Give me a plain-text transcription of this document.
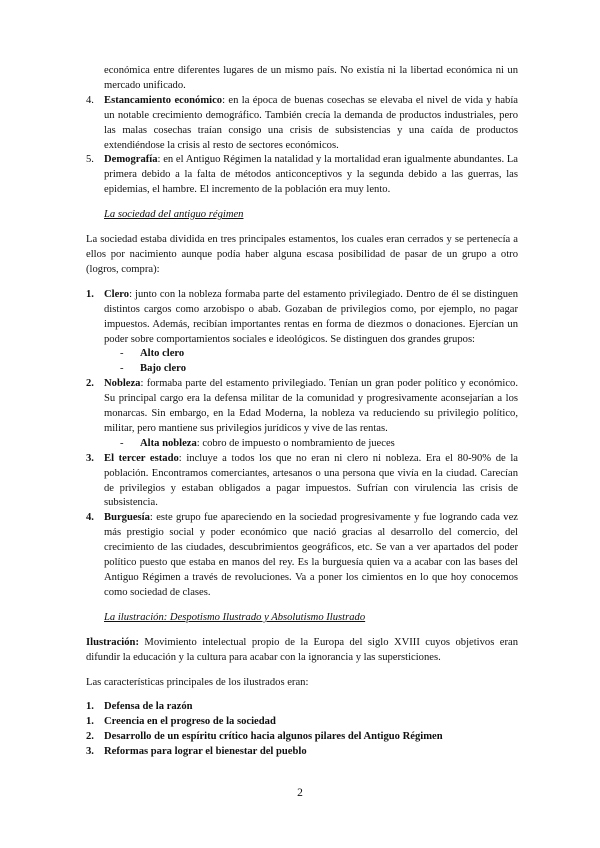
económica entre diferentes lugares de un mismo país. No existía ni la libertad económica ni un mercado unificado.

4. Estancamiento económico: en la época de buenas cosechas se elevaba el nivel de vida y había un notable crecimiento demográfico. También crecía la demanda de productos industriales, pero las malas cosechas traían consigo una crisis de subsistencias y una caída de productos extendiéndose la crisis al resto de sectores económicos.
5. Demografía: en el Antiguo Régimen la natalidad y la mortalidad eran igualmente abundantes. La primera debido a la falta de métodos anticonceptivos y la segunda debido a las guerras, las epidemias, el hambre. El incremento de la población era muy lento.

La sociedad del antiguo régimen

La sociedad estaba dividida en tres principales estamentos, los cuales eran cerrados y se pertenecía a ellos por nacimiento aunque podía haber alguna escasa posibilidad de pasar de un grupo a otro (logros, compra):

1. Clero: junto con la nobleza formaba parte del estamento privilegiado. Dentro de él se distinguen distintos cargos como arzobispo o abab. Gozaban de privilegios como, por ejemplo, no pagar impuestos. Además, recibían importantes rentas en forma de diezmos o donaciones. Ejercían un poder sobre comportamientos sociales e ideológicos. Se distinguen dos grandes grupos:
- Alto clero
- Bajo clero
2. Nobleza: formaba parte del estamento privilegiado. Tenían un gran poder político y económico. Su principal cargo era la defensa militar de la comunidad y progresivamente aconsejarían a los monarcas. Sin embargo, en la Edad Moderna, la nobleza va reduciendo su privilegio político, militar, pero mantiene sus privilegios jurídicos y vive de las rentas.
- Alta nobleza: cobro de impuesto o nombramiento de jueces
3. El tercer estado: incluye a todos los que no eran ni clero ni nobleza. Era el 80-90% de la población. Encontramos comerciantes, artesanos o una persona que vivía en la ciudad. Carecían de privilegios y estaban obligados a pagar impuestos. Sufrían con virulencia las crisis de subsistencia.
4. Burguesía: este grupo fue apareciendo en la sociedad progresivamente y fue logrando cada vez más prestigio social y poder económico que nació gracias al desarrollo del comercio, del crecimiento de las ciudades, descubrimientos geográficos, etc. Se van a ver apartados del poder político puesto que estaba en manos del rey. Es la burguesía quien va a acabar con las bases del Antiguo Régimen a través de revoluciones. Va a poner los cimientos en lo que hoy conocemos como sociedad de clases.

La ilustración: Despotismo Ilustrado y Absolutismo Ilustrado

Ilustración: Movimiento intelectual propio de la Europa del siglo XVIII cuyos objetivos eran difundir la educación y la cultura para acabar con la ignorancia y las supersticiones.

Las características principales de los ilustrados eran:

1. Defensa de la razón
1. Creencia en el progreso de la sociedad
2. Desarrollo de un espíritu crítico hacia algunos pilares del Antiguo Régimen
3. Reformas para lograr el bienestar del pueblo
2
